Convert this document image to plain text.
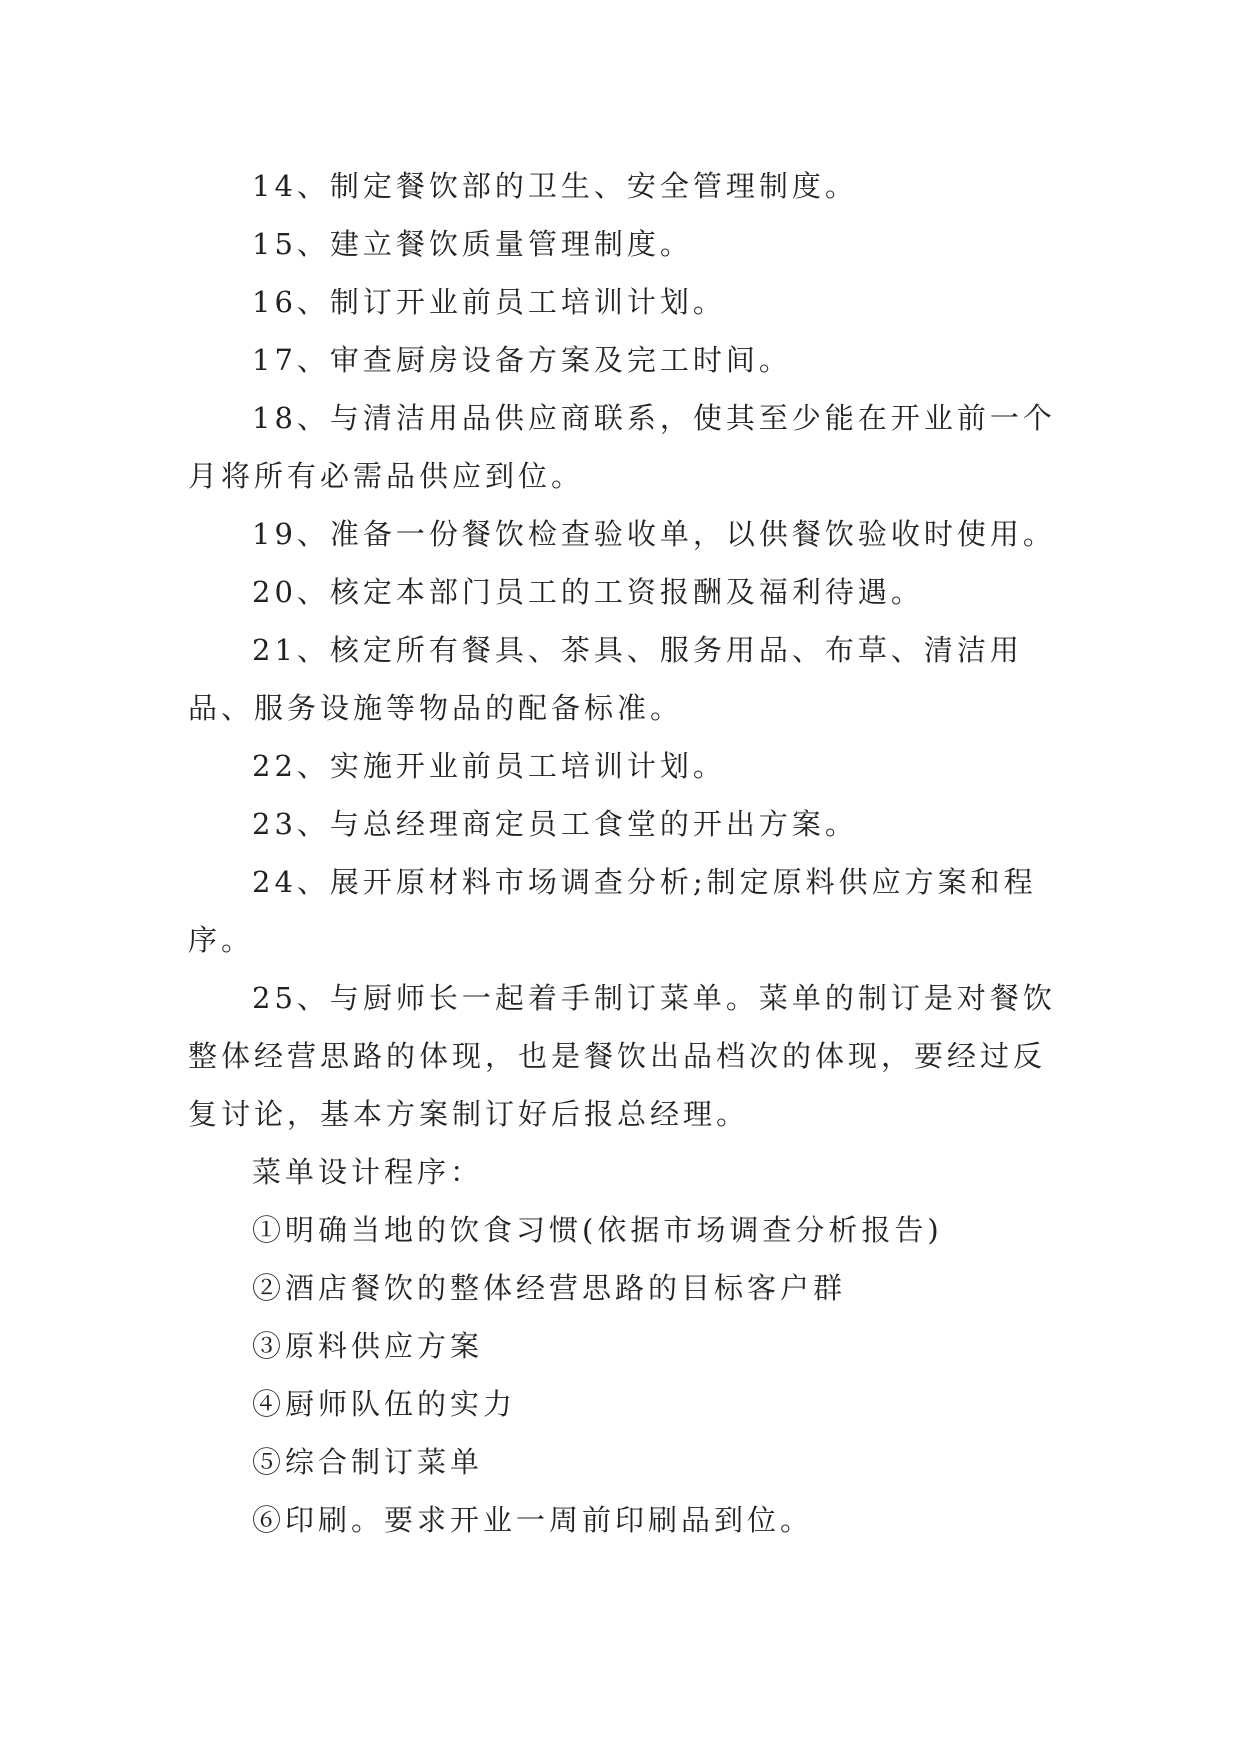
14、制定餐饮部的卫生、安全管理制度。

15、建立餐饮质量管理制度。

16、制订开业前员工培训计划。

17、审查厨房设备方案及完工时间。

18、与清洁用品供应商联系，使其至少能在开业前一个月将所有必需品供应到位。

19、准备一份餐饮检查验收单，以供餐饮验收时使用。

20、核定本部门员工的工资报酬及福利待遇。

21、核定所有餐具、茶具、服务用品、布草、清洁用品、服务设施等物品的配备标准。

22、实施开业前员工培训计划。

23、与总经理商定员工食堂的开出方案。

24、展开原材料市场调查分析;制定原料供应方案和程序。

25、与厨师长一起着手制订菜单。菜单的制订是对餐饮整体经营思路的体现，也是餐饮出品档次的体现，要经过反复讨论，基本方案制订好后报总经理。

菜单设计程序：

①明确当地的饮食习惯(依据市场调查分析报告)

②酒店餐饮的整体经营思路的目标客户群

③原料供应方案

④厨师队伍的实力

⑤综合制订菜单

⑥印刷。要求开业一周前印刷品到位。
